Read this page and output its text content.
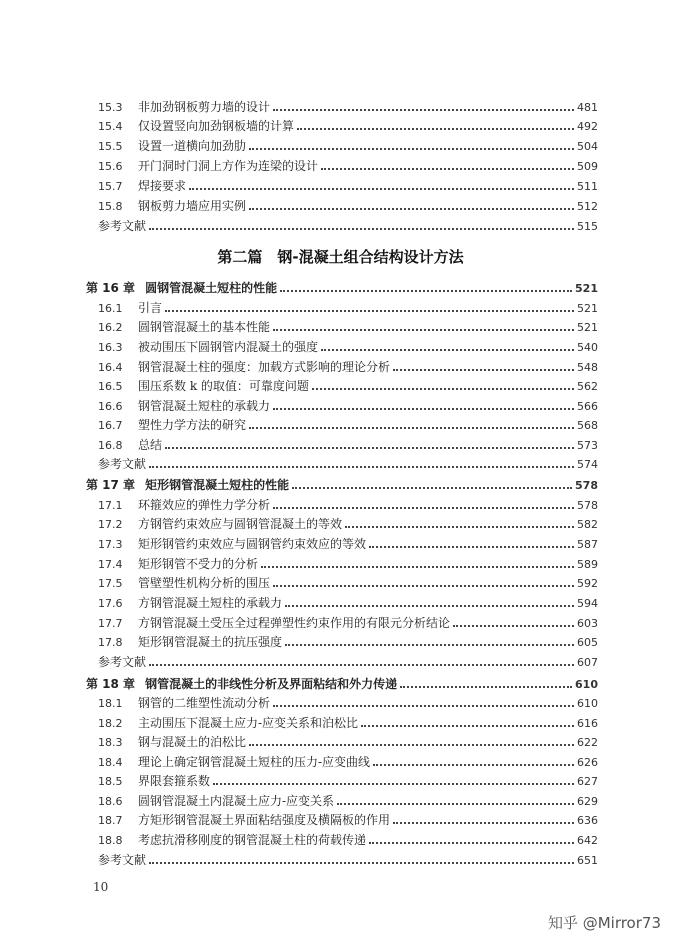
15.3	非加劲钢板剪力墙的设计	481
15.4	仅设置竖向加劲钢板墙的计算	492
15.5	设置一道横向加劲肋	504
15.6	开门洞时门洞上方作为连梁的设计	509
15.7	焊接要求	511
15.8	钢板剪力墙应用实例	512
参考文献	515
第 16 章 圆钢管混凝土短柱的性能	521
16.1	引言	521
16.2	圆钢管混凝土的基本性能	521
16.3	被动围压下圆钢管内混凝土的强度	540
16.4	钢管混凝土柱的强度：加载方式影响的理论分析	548
16.5	围压系数 k 的取值：可靠度问题	562
16.6	钢管混凝土短柱的承载力	566
16.7	塑性力学方法的研究	568
16.8	总结	573
参考文献	574
第 17 章 矩形钢管混凝土短柱的性能	578
17.1	环箍效应的弹性力学分析	578
17.2	方钢管约束效应与圆钢管混凝土的等效	582
17.3	矩形钢管约束效应与圆钢管约束效应的等效	587
17.4	矩形钢管不受力的分析	589
17.5	管壁塑性机构分析的围压	592
17.6	方钢管混凝土短柱的承载力	594
17.7	方钢管混凝土受压全过程弹塑性约束作用的有限元分析结论	603
17.8	矩形钢管混凝土的抗压强度	605
参考文献	607
第 18 章 钢管混凝土的非线性分析及界面粘结和外力传递	610
18.1	钢管的二维塑性流动分析	610
18.2	主动围压下混凝土应力-应变关系和泊松比	616
18.3	钢与混凝土的泊松比	622
18.4	理论上确定钢管混凝土短柱的压力-应变曲线	626
18.5	界限套箍系数	627
18.6	圆钢管混凝土内混凝土应力-应变关系	629
18.7	方矩形钢管混凝土界面粘结强度及横隔板的作用	636
18.8	考虑抗滑移刚度的钢管混凝土柱的荷载传递	642
参考文献	651
第二篇　钢-混凝土组合结构设计方法
10
知乎 @Mirror73
